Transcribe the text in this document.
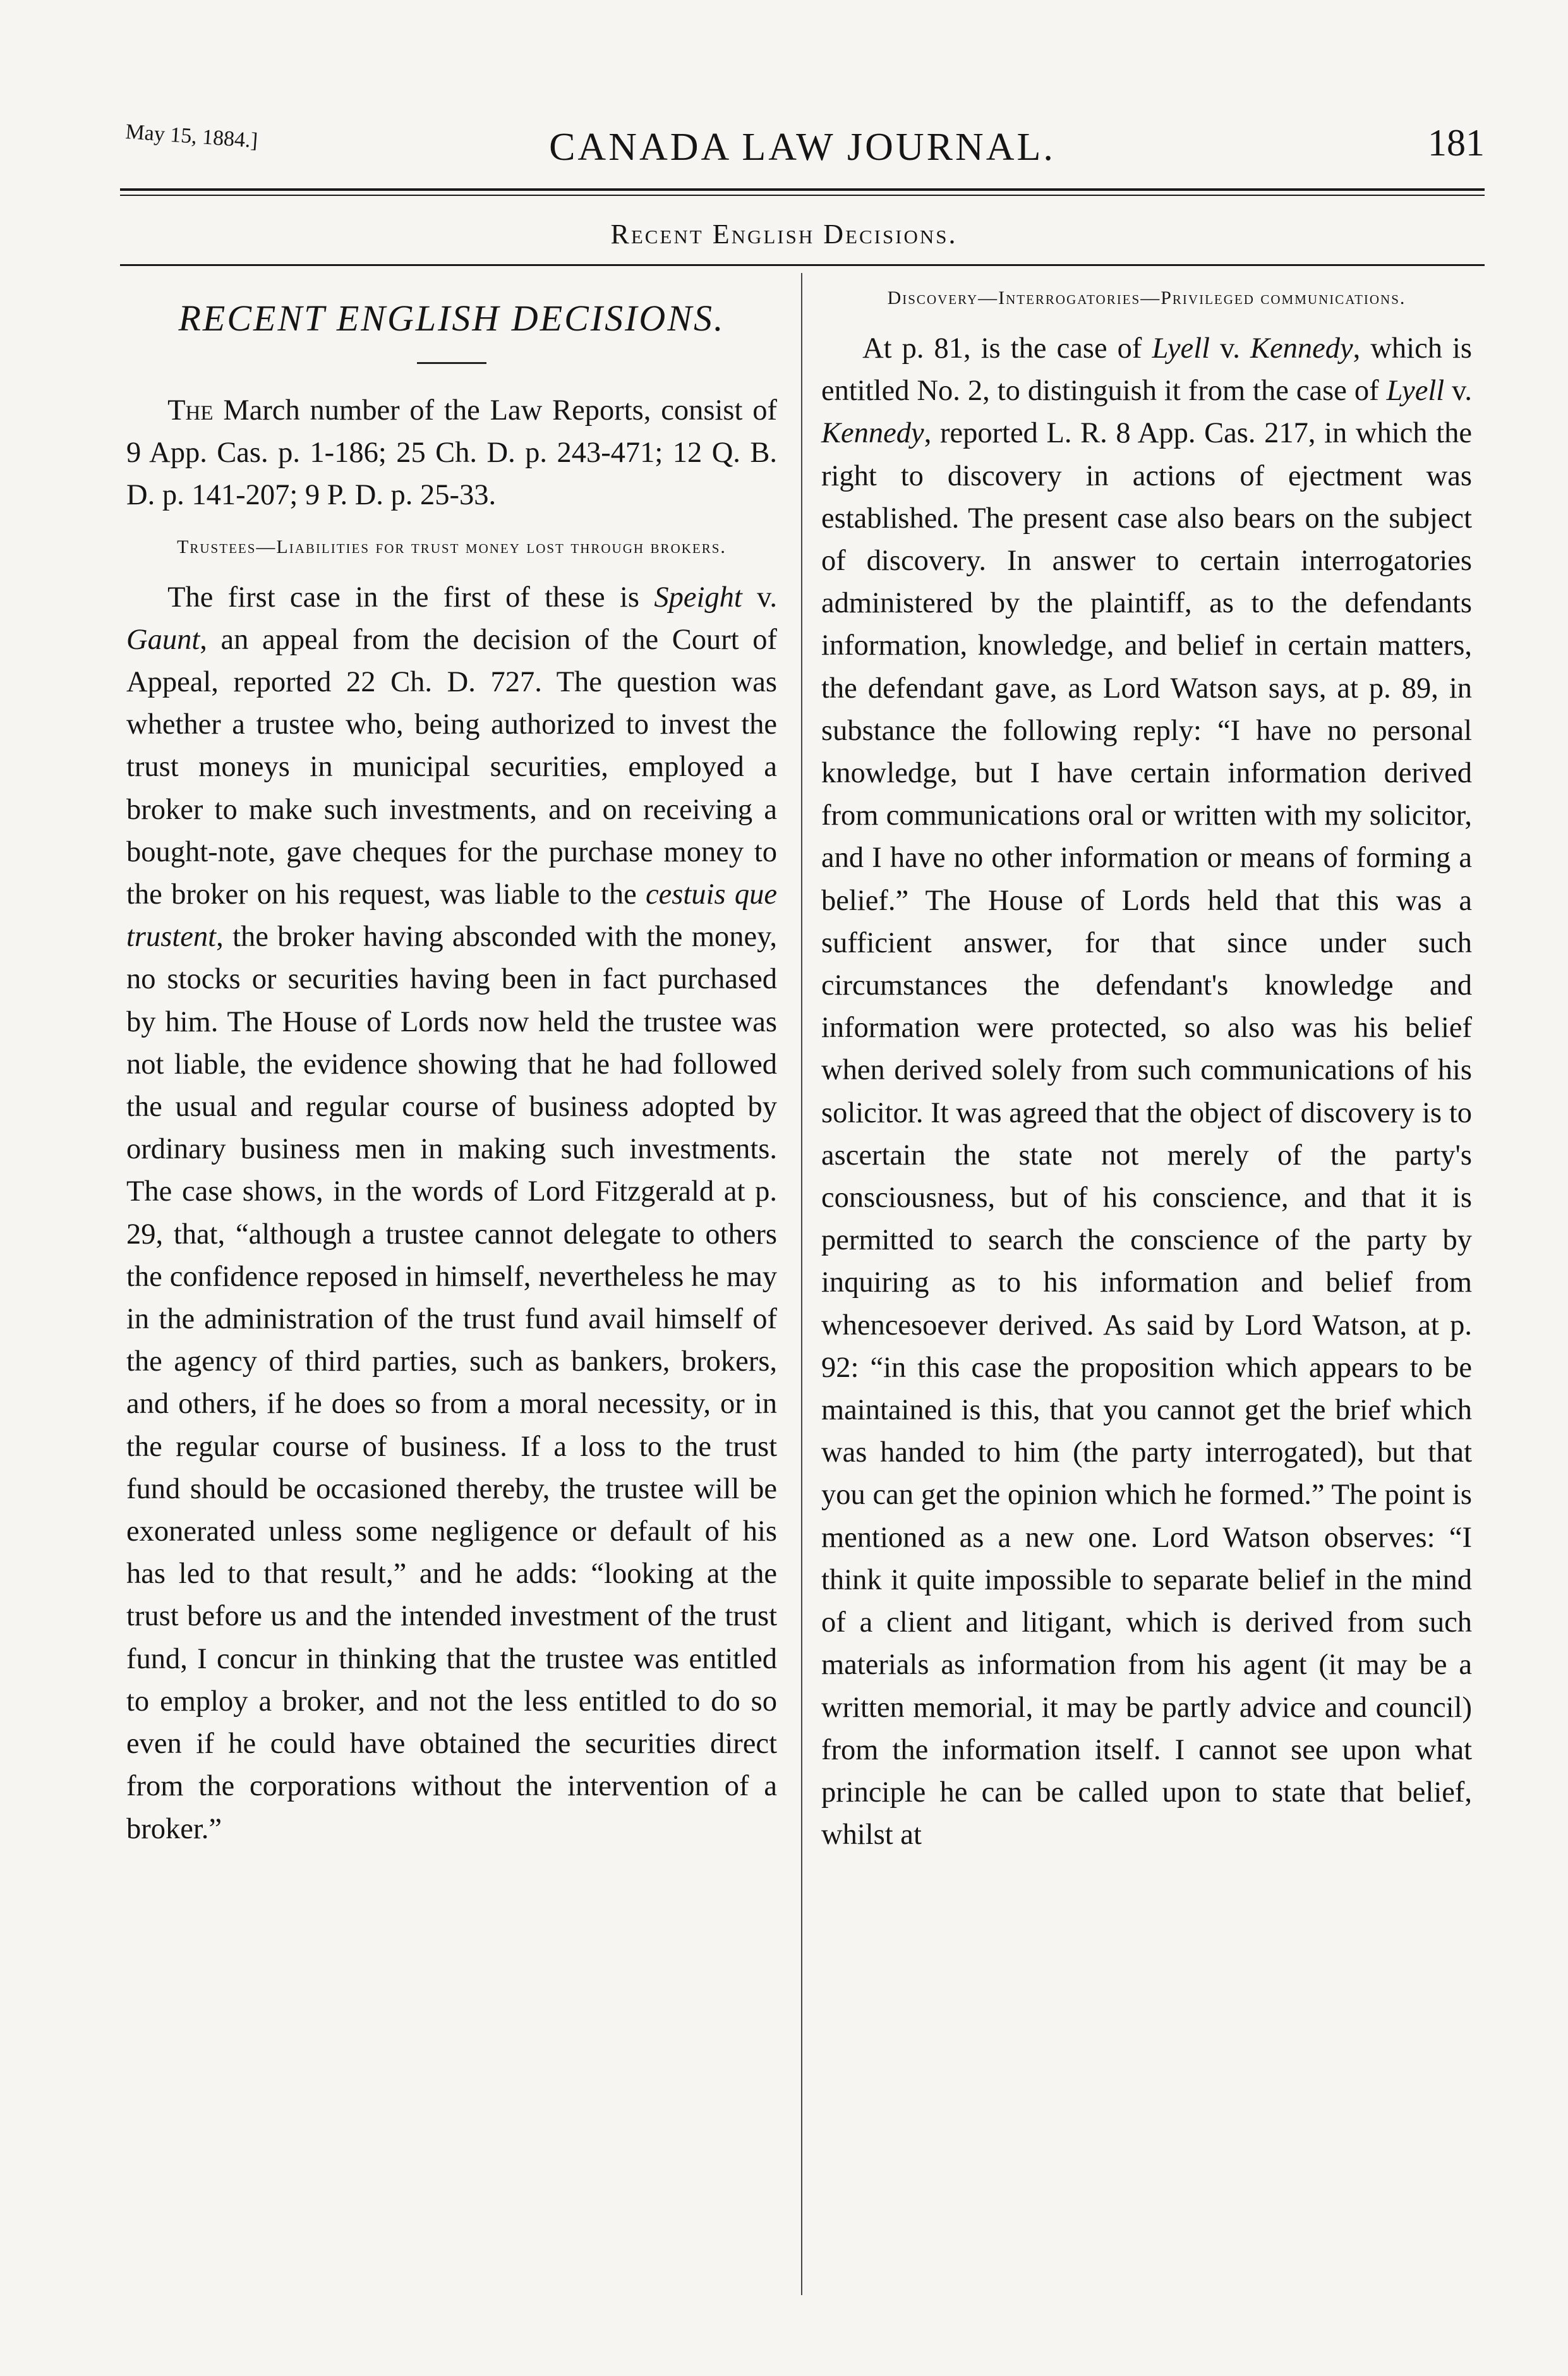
May 15, 1884.]	CANADA LAW JOURNAL.	181
Recent English Decisions.
RECENT ENGLISH DECISIONS.

The March number of the Law Reports, consist of 9 App. Cas. p. 1-186; 25 Ch. D. p. 243-471; 12 Q. B. D. p. 141-207; 9 P. D. p. 25-33.

Trustees—Liabilities for trust money lost through brokers.

The first case in the first of these is Speight v. Gaunt, an appeal from the decision of the Court of Appeal, reported 22 Ch. D. 727. The question was whether a trustee who, being authorized to invest the trust moneys in municipal securities, employed a broker to make such investments, and on receiving a bought-note, gave cheques for the purchase money to the broker on his request, was liable to the cestuis que trustent, the broker having absconded with the money, no stocks or securities having been in fact purchased by him. The House of Lords now held the trustee was not liable, the evidence showing that he had followed the usual and regular course of business adopted by ordinary business men in making such investments. The case shows, in the words of Lord Fitzgerald at p. 29, that, “although a trustee cannot delegate to others the confidence reposed in himself, nevertheless he may in the administration of the trust fund avail himself of the agency of third parties, such as bankers, brokers, and others, if he does so from a moral necessity, or in the regular course of business. If a loss to the trust fund should be occasioned thereby, the trustee will be exonerated unless some negligence or default of his has led to that result,” and he adds: “looking at the trust before us and the intended investment of the trust fund, I concur in thinking that the trustee was entitled to employ a broker, and not the less entitled to do so even if he could have obtained the securities direct from the corporations without the intervention of a broker.”

Discovery—Interrogatories—Privileged communications.

At p. 81, is the case of Lyell v. Kennedy, which is entitled No. 2, to distinguish it from the case of Lyell v. Kennedy, reported L. R. 8 App. Cas. 217, in which the right to discovery in actions of ejectment was established. The present case also bears on the subject of discovery. In answer to certain interrogatories administered by the plaintiff, as to the defendants information, knowledge, and belief in certain matters, the defendant gave, as Lord Watson says, at p. 89, in substance the following reply: “I have no personal knowledge, but I have certain information derived from communications oral or written with my solicitor, and I have no other information or means of forming a belief.” The House of Lords held that this was a sufficient answer, for that since under such circumstances the defendant's knowledge and information were protected, so also was his belief when derived solely from such communications of his solicitor. It was agreed that the object of discovery is to ascertain the state not merely of the party's consciousness, but of his conscience, and that it is permitted to search the conscience of the party by inquiring as to his information and belief from whencesoever derived. As said by Lord Watson, at p. 92: “in this case the proposition which appears to be maintained is this, that you cannot get the brief which was handed to him (the party interrogated), but that you can get the opinion which he formed.” The point is mentioned as a new one. Lord Watson observes: “I think it quite impossible to separate belief in the mind of a client and litigant, which is derived from such materials as information from his agent (it may be a written memorial, it may be partly advice and council) from the information itself. I cannot see upon what principle he can be called upon to state that belief, whilst at
